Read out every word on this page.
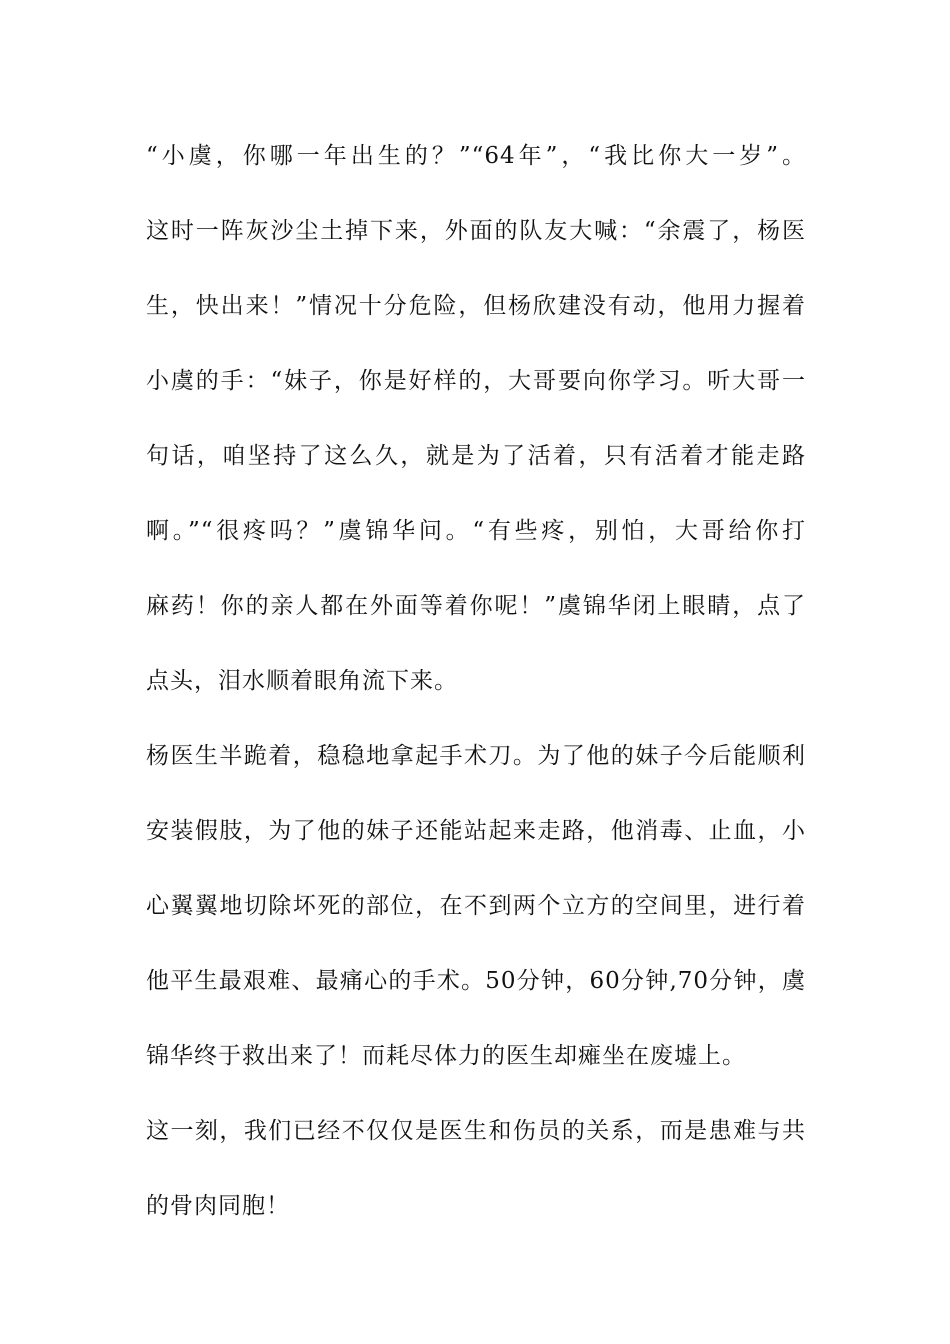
“小虞，你哪一年出生的？”“64年”，“我比你大一岁”。
这时一阵灰沙尘土掉下来，外面的队友大喊：“余震了，杨医
生，快出来！”情况十分危险，但杨欣建没有动，他用力握着
小虞的手：“妹子，你是好样的，大哥要向你学习。听大哥一
句话，咱坚持了这么久，就是为了活着，只有活着才能走路
啊。”“很疼吗？”虞锦华问。“有些疼，别怕，大哥给你打
麻药！你的亲人都在外面等着你呢！”虞锦华闭上眼睛，点了
点头，泪水顺着眼角流下来。
杨医生半跪着，稳稳地拿起手术刀。为了他的妹子今后能顺利
安装假肢，为了他的妹子还能站起来走路，他消毒、止血，小
心翼翼地切除坏死的部位，在不到两个立方的空间里，进行着
他平生最艰难、最痛心的手术。50分钟，60分钟,70分钟，虞
锦华终于救出来了！而耗尽体力的医生却瘫坐在废墟上。
这一刻，我们已经不仅仅是医生和伤员的关系，而是患难与共
的骨肉同胞！
